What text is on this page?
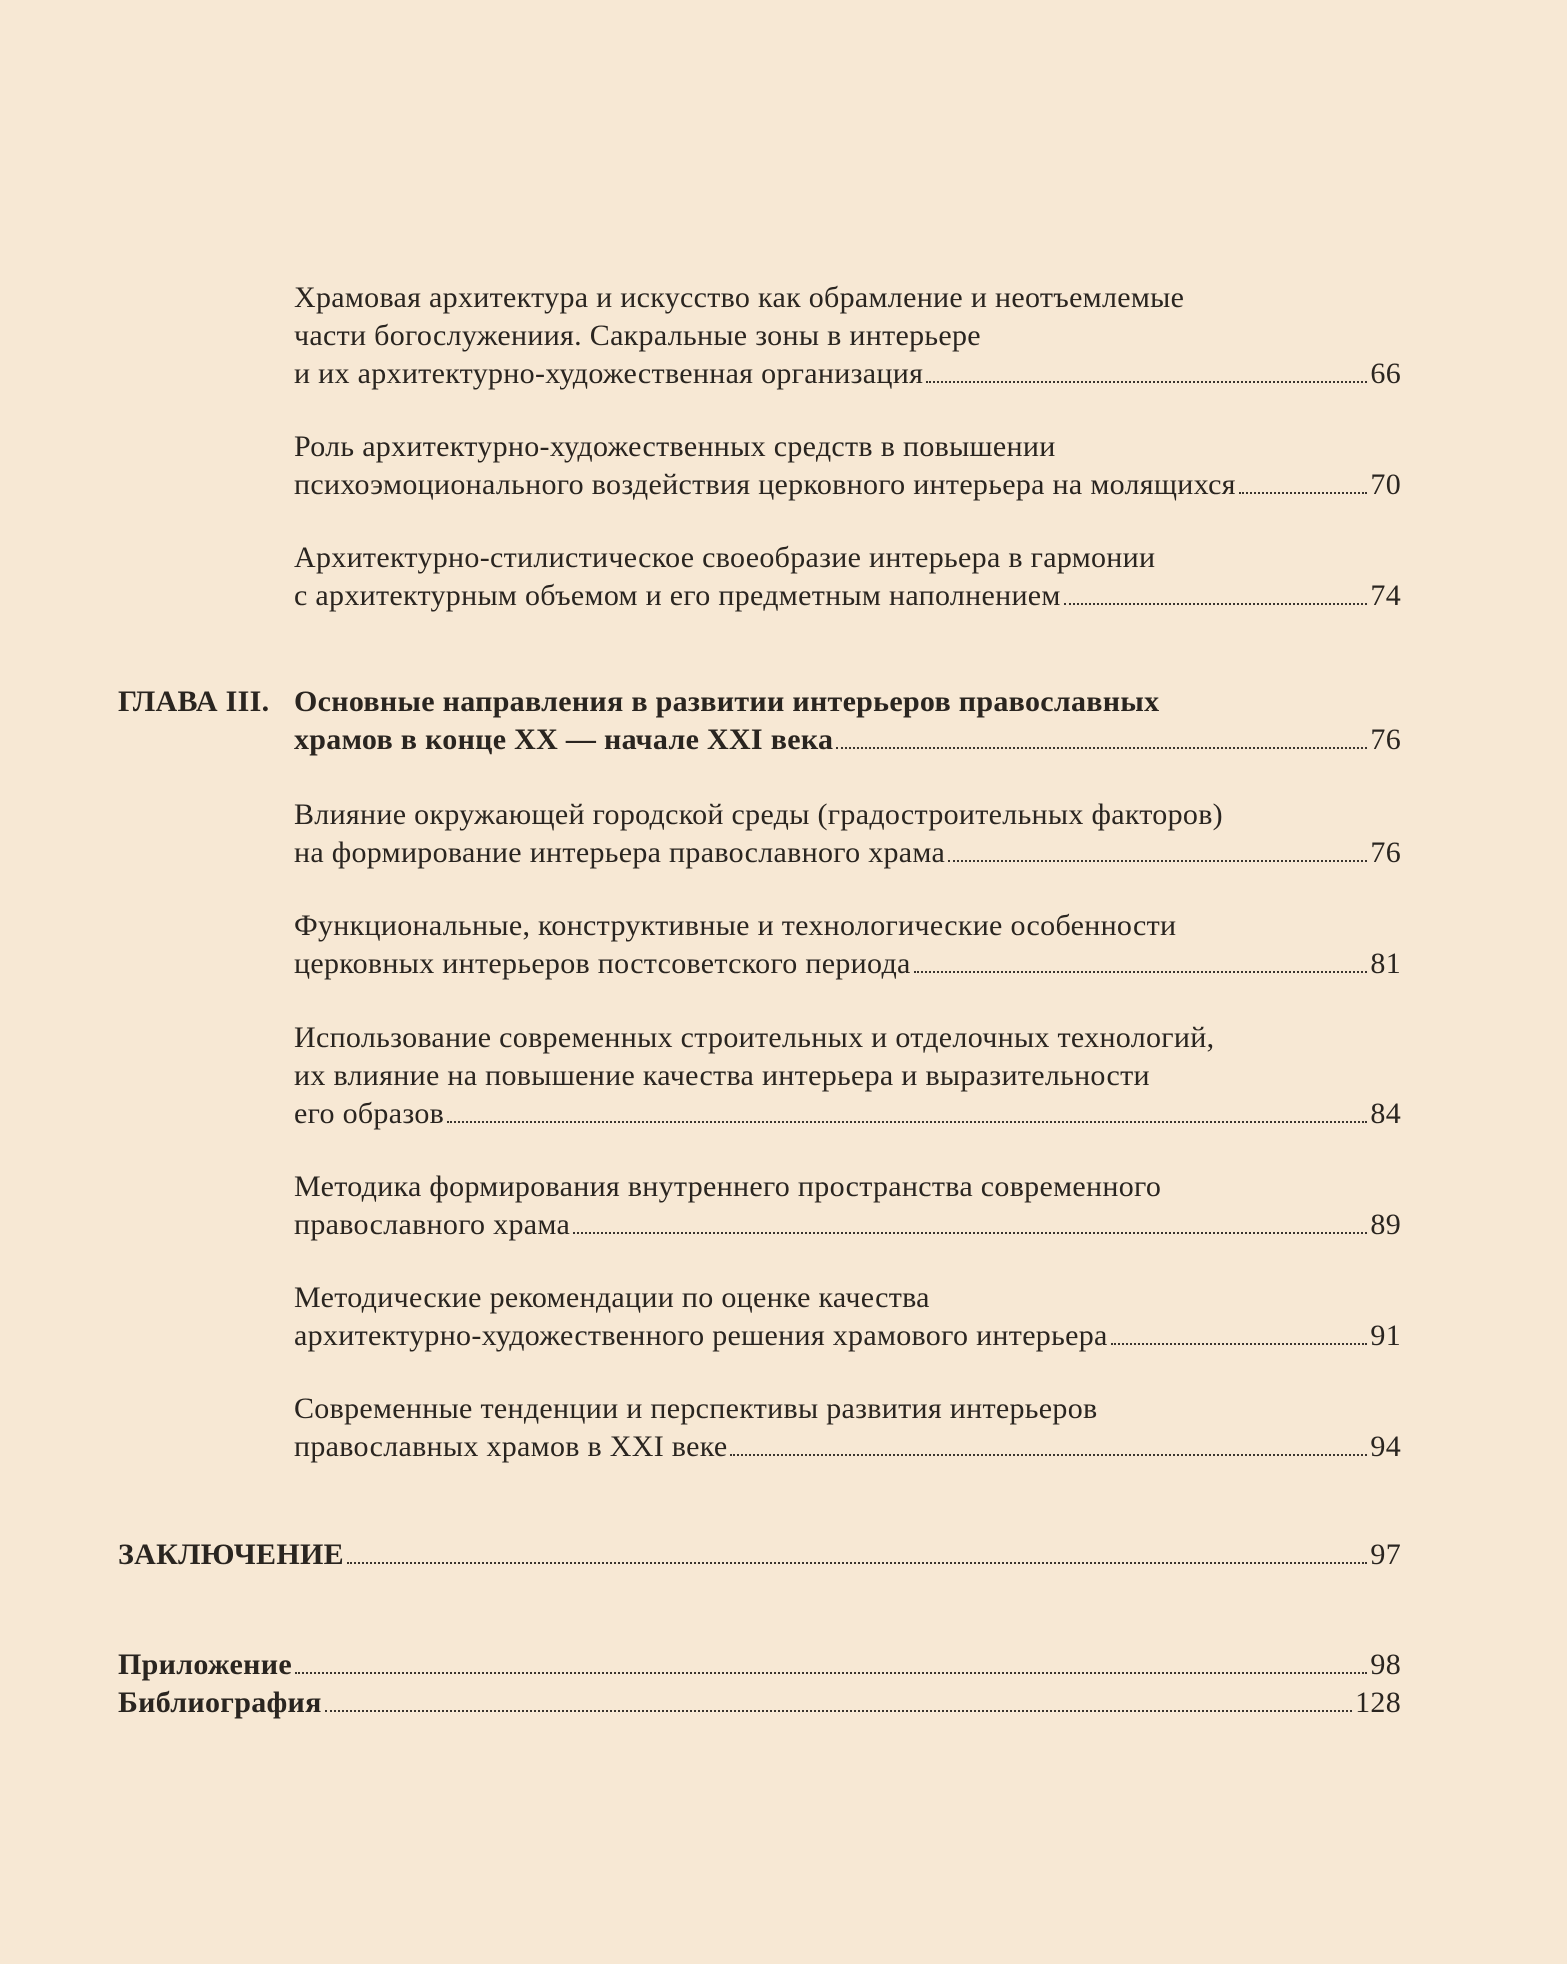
Храмовая архитектура и искусство как обрамление и неотъемлемые
части богослужениия. Сакральные зоны в интерьере
и их архитектурно-художественная организация	66
Роль архитектурно-художественных средств в повышении
психоэмоционального воздействия церковного интерьера на молящихся	70
Архитектурно-стилистическое своеобразие интерьера в гармонии
с архитектурным объемом и его предметным наполнением	74
ГЛАВА III. Основные направления в развитии интерьеров православных
храмов в конце ХХ — начале ХХI века	76
Влияние окружающей городской среды (градостроительных факторов)
на формирование интерьера православного храма	76
Функциональные, конструктивные и технологические особенности
церковных интерьеров постсоветского периода	81
Использование современных строительных и отделочных технологий,
их влияние на повышение качества интерьера и выразительности
его образов	84
Методика формирования внутреннего пространства современного
православного храма	89
Методические рекомендации по оценке качества
архитектурно-художественного решения храмового интерьера	91
Современные тенденции и перспективы развития интерьеров
православных храмов в ХХI веке	94
ЗАКЛЮЧЕНИЕ	97
Приложение	98
Библиография	128
